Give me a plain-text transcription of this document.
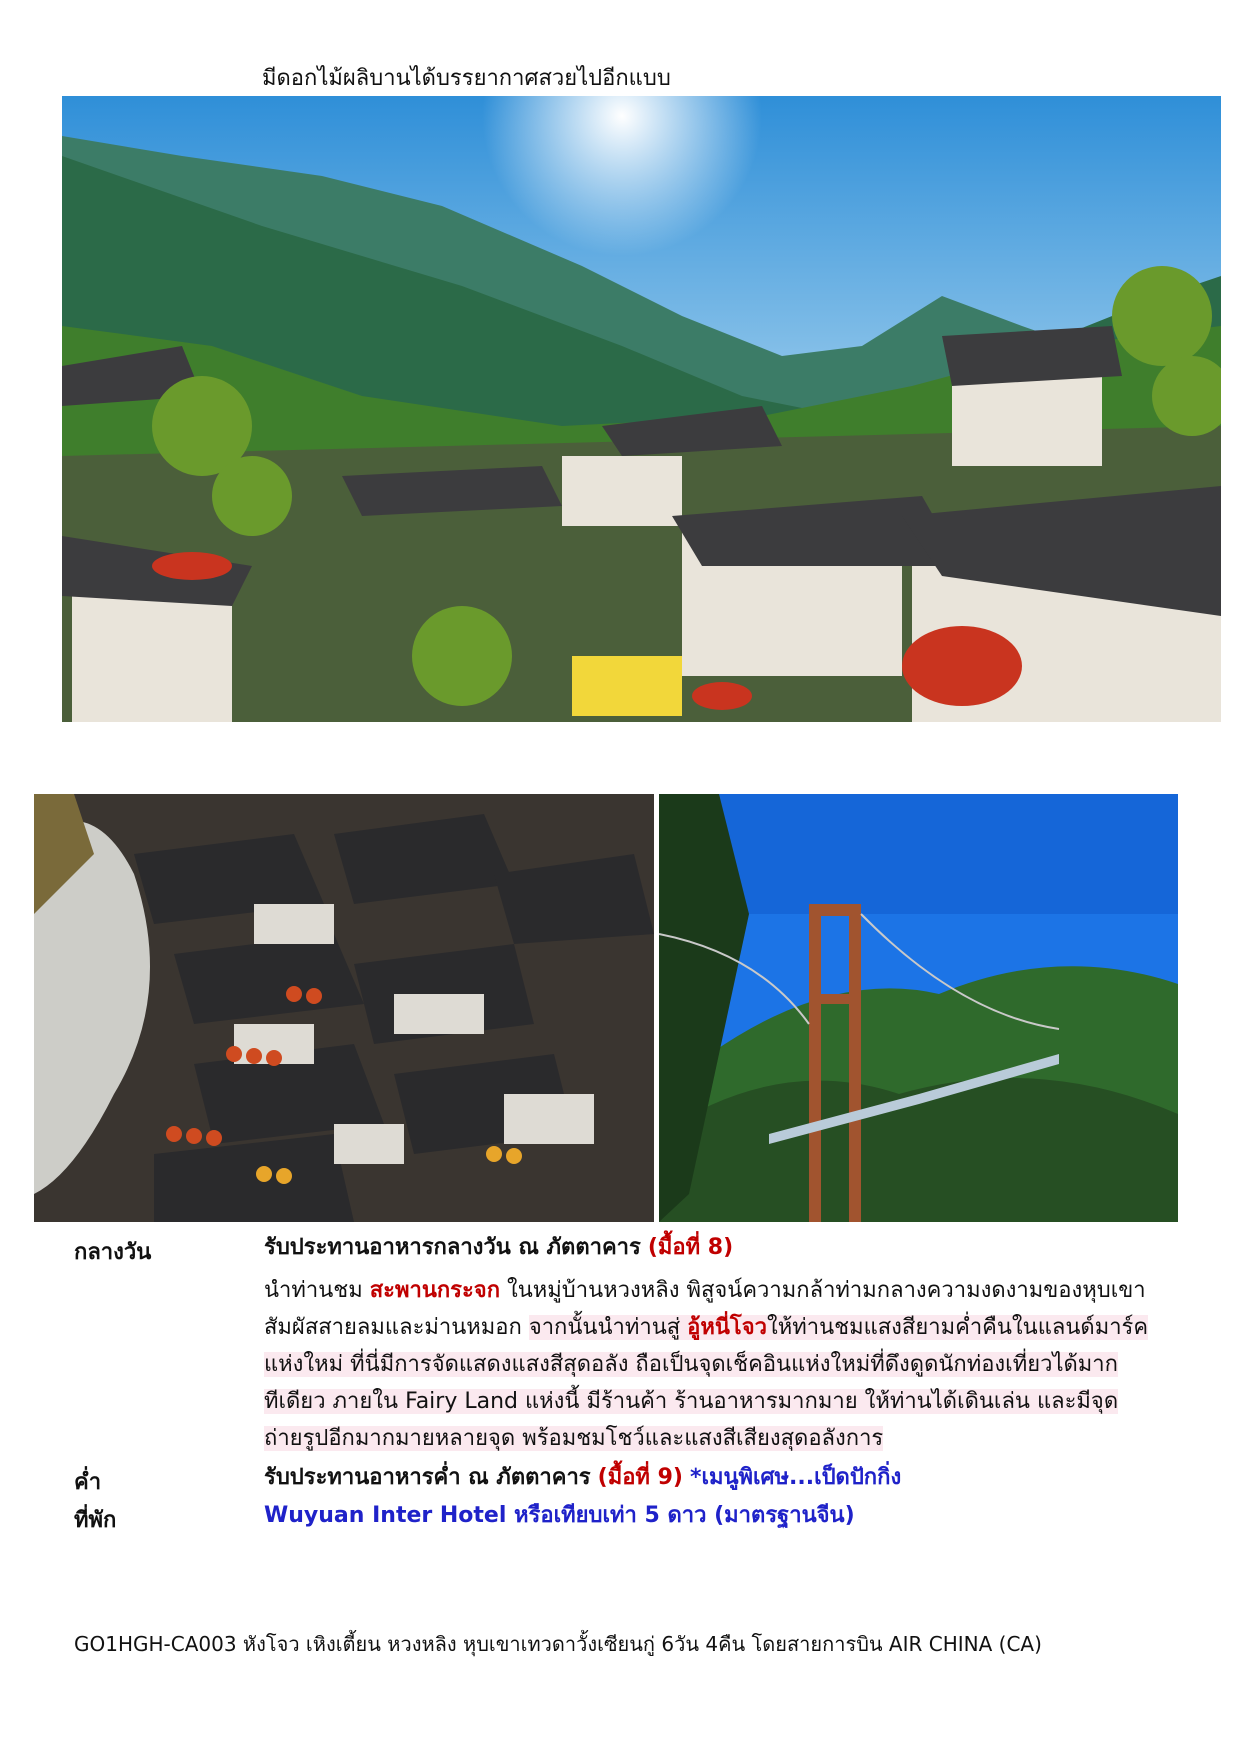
มีดอกไม้ผลิบานได้บรรยากาศสวยไปอีกแบบ
กลางวัน	รับประทานอาหารกลางวัน ณ ภัตตาคาร (มื้อที่ 8)
นำท่านชม สะพานกระจก ในหมู่บ้านหวงหลิง พิสูจน์ความกล้าท่ามกลางความงดงามของหุบเขา
สัมผัสสายลมและม่านหมอก จากนั้นนำท่านสู่ อู้หนี่โจวให้ท่านชมแสงสียามค่ำคืนในแลนด์มาร์ค
แห่งใหม่ ที่นี่มีการจัดแสดงแสงสีสุดอลัง ถือเป็นจุดเช็คอินแห่งใหม่ที่ดึงดูดนักท่องเที่ยวได้มาก
ทีเดียว ภายใน Fairy Land แห่งนี้ มีร้านค้า ร้านอาหารมากมาย ให้ท่านได้เดินเล่น และมีจุด
ถ่ายรูปอีกมากมายหลายจุด พร้อมชมโชว์และแสงสีเสียงสุดอลังการ
ค่ำ	รับประทานอาหารค่ำ ณ ภัตตาคาร (มื้อที่ 9) *เมนูพิเศษ...เป็ดปักกิ่ง
ที่พัก	Wuyuan Inter Hotel หรือเทียบเท่า 5 ดาว (มาตรฐานจีน)
GO1HGH-CA003 หังโจว เหิงเตี้ยน หวงหลิง หุบเขาเทวดาวั้งเซียนกู่ 6วัน 4คืน โดยสายการบิน AIR CHINA (CA)
